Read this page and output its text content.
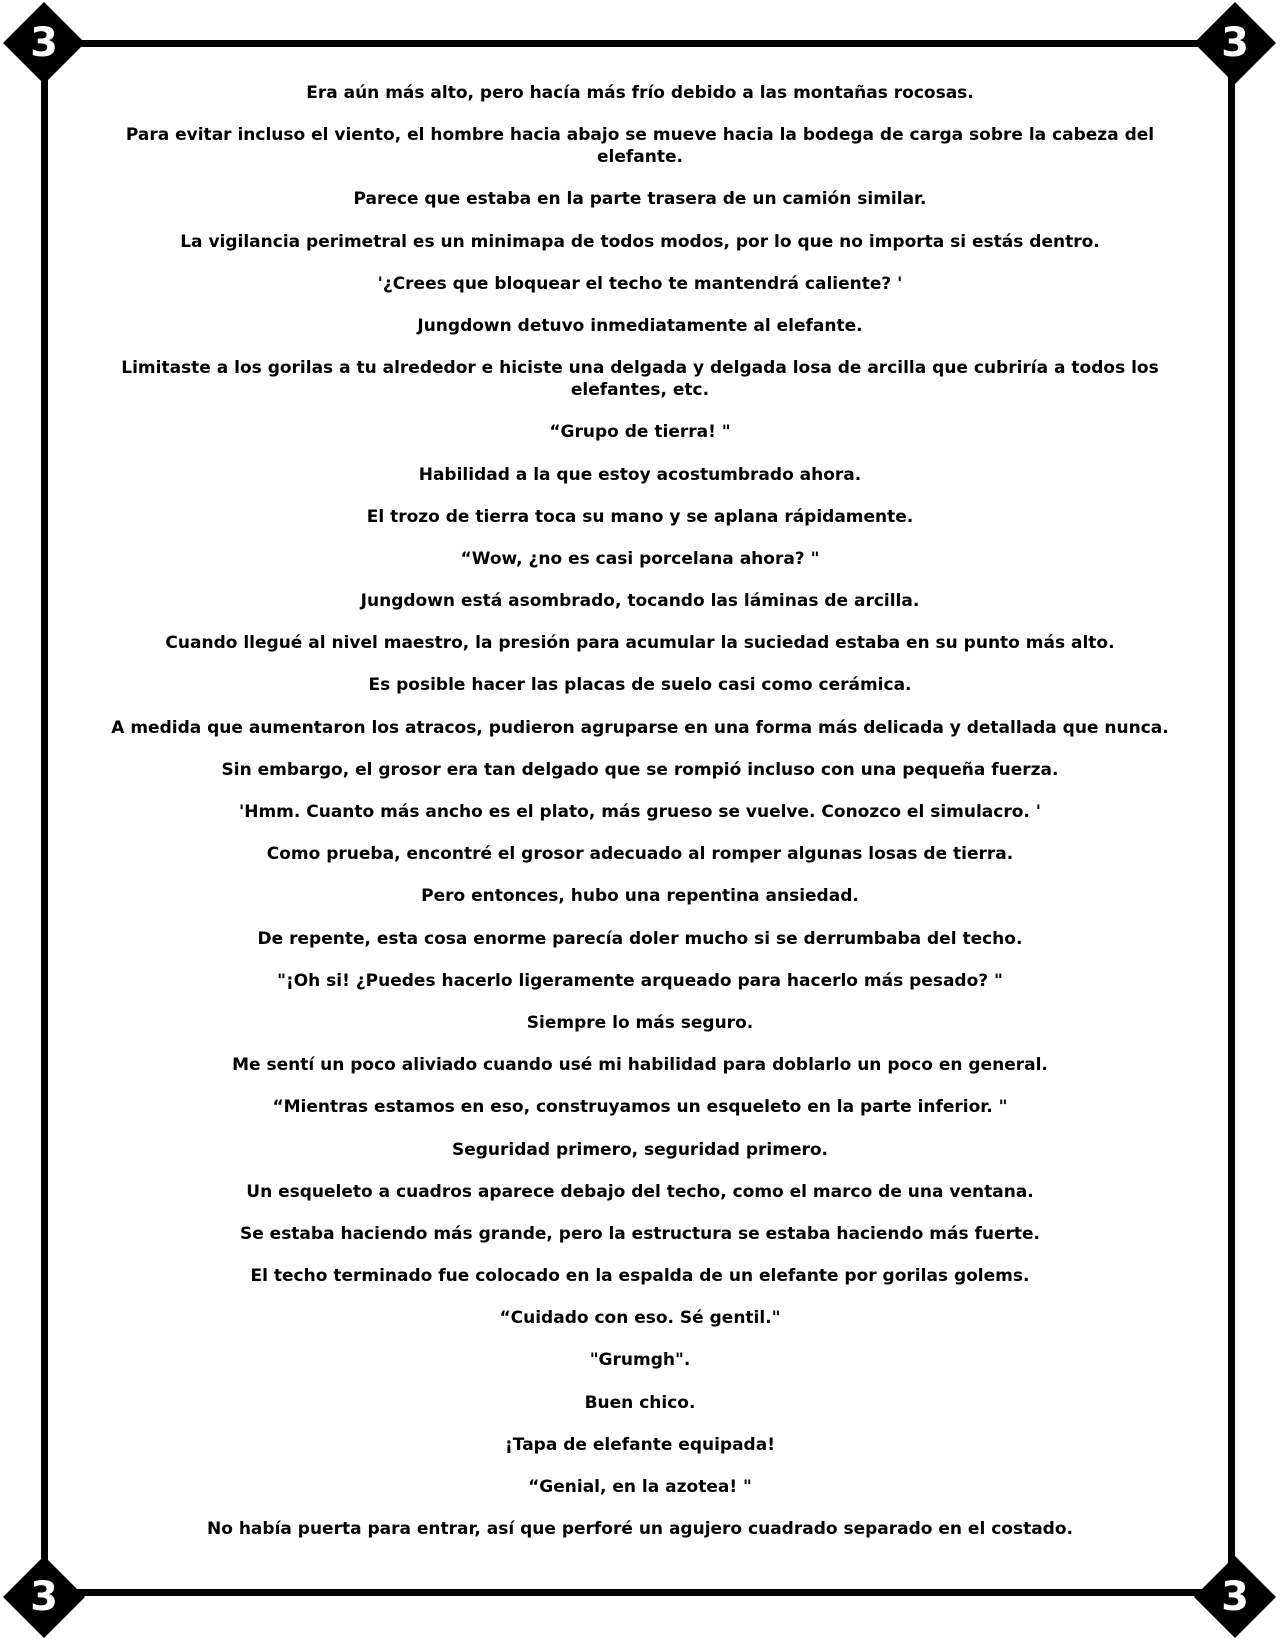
3	3
3	3

Era aún más alto, pero hacía más frío debido a las montañas rocosas.

Para evitar incluso el viento, el hombre hacia abajo se mueve hacia la bodega de carga sobre la cabeza del elefante.

Parece que estaba en la parte trasera de un camión similar.

La vigilancia perimetral es un minimapa de todos modos, por lo que no importa si estás dentro.

'¿Crees que bloquear el techo te mantendrá caliente? '

Jungdown detuvo inmediatamente al elefante.

Limitaste a los gorilas a tu alrededor e hiciste una delgada y delgada losa de arcilla que cubriría a todos los elefantes, etc.

“Grupo de tierra! "

Habilidad a la que estoy acostumbrado ahora.

El trozo de tierra toca su mano y se aplana rápidamente.

“Wow, ¿no es casi porcelana ahora? "

Jungdown está asombrado, tocando las láminas de arcilla.

Cuando llegué al nivel maestro, la presión para acumular la suciedad estaba en su punto más alto.

Es posible hacer las placas de suelo casi como cerámica.

A medida que aumentaron los atracos, pudieron agruparse en una forma más delicada y detallada que nunca.

Sin embargo, el grosor era tan delgado que se rompió incluso con una pequeña fuerza.

'Hmm. Cuanto más ancho es el plato, más grueso se vuelve. Conozco el simulacro. '

Como prueba, encontré el grosor adecuado al romper algunas losas de tierra.

Pero entonces, hubo una repentina ansiedad.

De repente, esta cosa enorme parecía doler mucho si se derrumbaba del techo.

"¡Oh si! ¿Puedes hacerlo ligeramente arqueado para hacerlo más pesado? "

Siempre lo más seguro.

Me sentí un poco aliviado cuando usé mi habilidad para doblarlo un poco en general.

“Mientras estamos en eso, construyamos un esqueleto en la parte inferior. "

Seguridad primero, seguridad primero.

Un esqueleto a cuadros aparece debajo del techo, como el marco de una ventana.

Se estaba haciendo más grande, pero la estructura se estaba haciendo más fuerte.

El techo terminado fue colocado en la espalda de un elefante por gorilas golems.

“Cuidado con eso. Sé gentil."

"Grumgh".

Buen chico.

¡Tapa de elefante equipada!

“Genial, en la azotea! "

No había puerta para entrar, así que perforé un agujero cuadrado separado en el costado.
